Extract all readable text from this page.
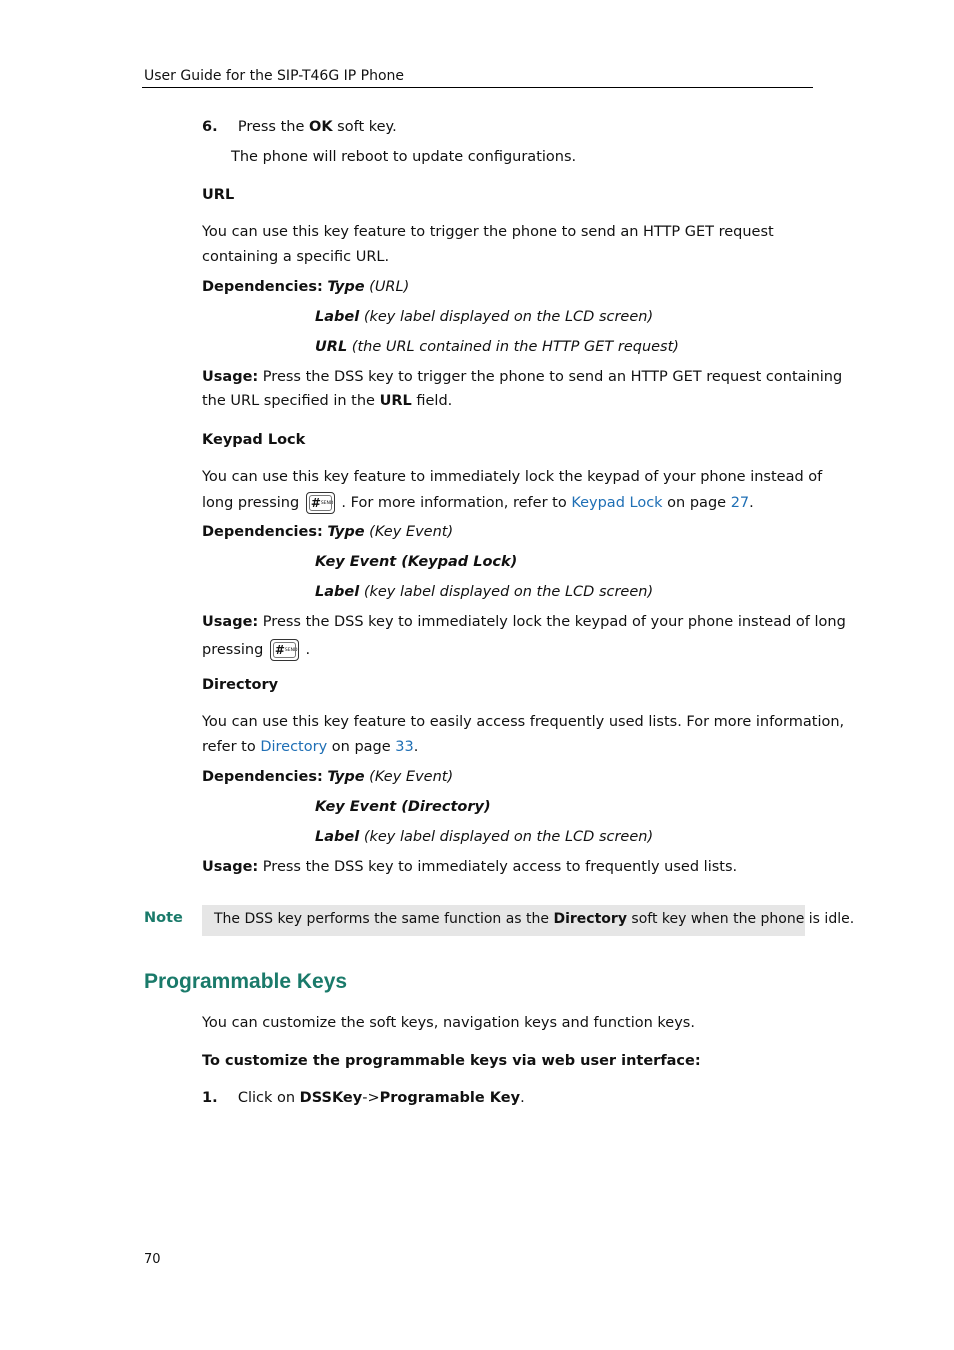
User Guide for the SIP-T46G IP Phone
6. Press the OK soft key.
The phone will reboot to update configurations.
URL
You can use this key feature to trigger the phone to send an HTTP GET request
containing a specific URL.
Dependencies: Type (URL)
Label (key label displayed on the LCD screen)
URL (the URL contained in the HTTP GET request)
Usage: Press the DSS key to trigger the phone to send an HTTP GET request containing
the URL specified in the URL field.
Keypad Lock
You can use this key feature to immediately lock the keypad of your phone instead of
long pressing # SEND . For more information, refer to Keypad Lock on page 27.
Dependencies: Type (Key Event)
Key Event (Keypad Lock)
Label (key label displayed on the LCD screen)
Usage: Press the DSS key to immediately lock the keypad of your phone instead of long
pressing # SEND .
Directory
You can use this key feature to easily access frequently used lists. For more information,
refer to Directory on page 33.
Dependencies: Type (Key Event)
Key Event (Directory)
Label (key label displayed on the LCD screen)
Usage: Press the DSS key to immediately access to frequently used lists.
Note The DSS key performs the same function as the Directory soft key when the phone is idle.
Programmable Keys
You can customize the soft keys, navigation keys and function keys.
To customize the programmable keys via web user interface:
1. Click on DSSKey->Programable Key.
70
